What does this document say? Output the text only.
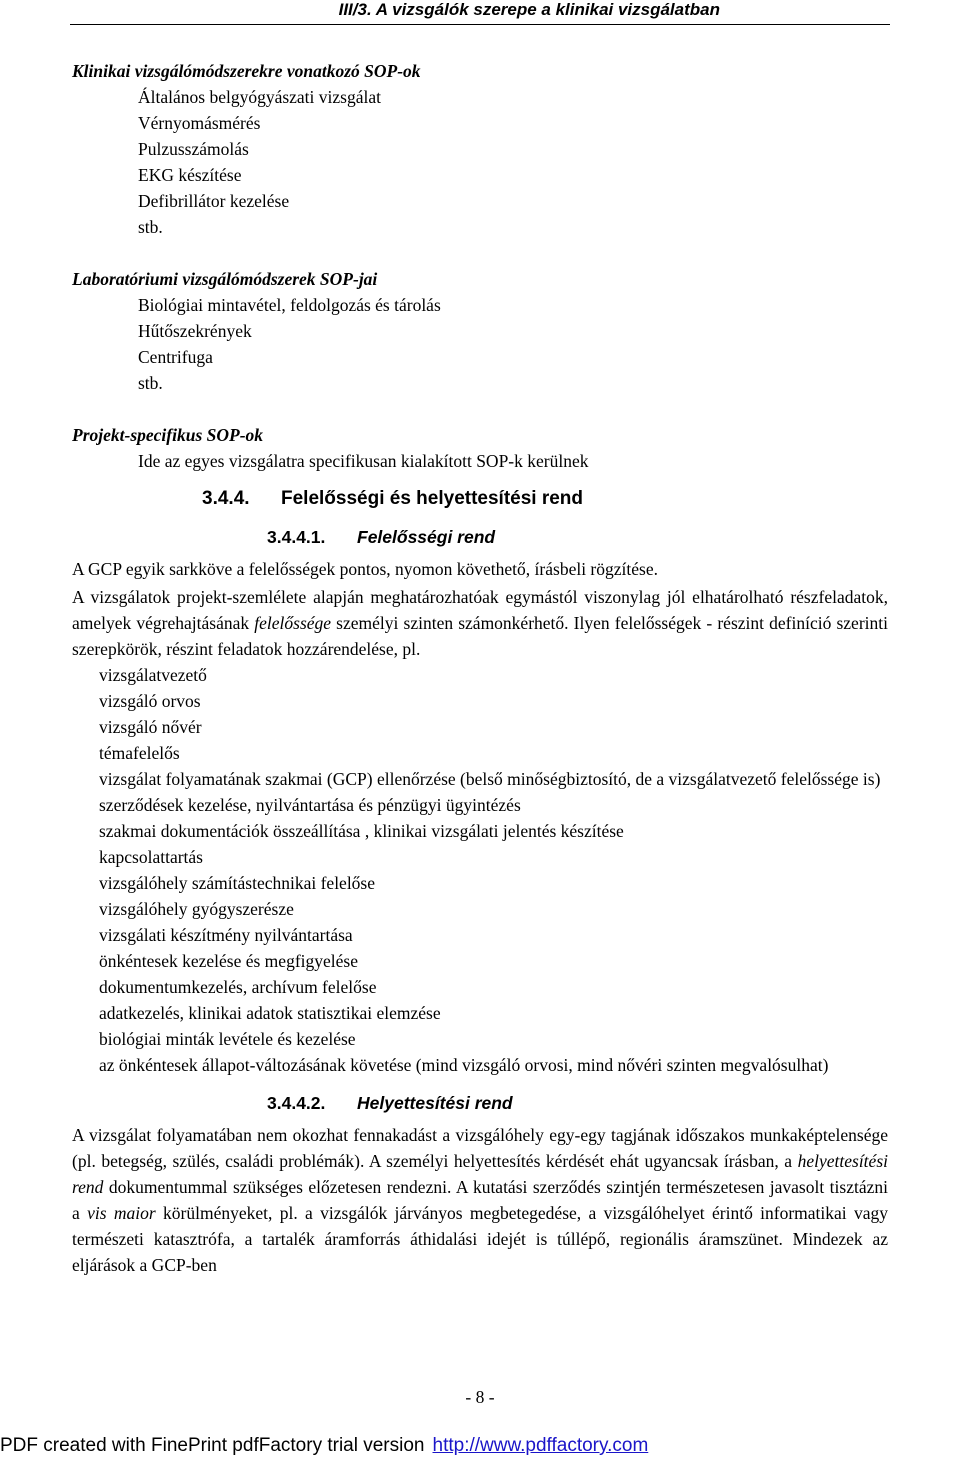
III/3. A vizsgálók szerepe a klinikai vizsgálatban
Klinikai vizsgálómódszerekre vonatkozó SOP-ok
Általános belgyógyászati vizsgálat
Vérnyomásmérés
Pulzusszámolás
EKG készítése
Defibrillátor kezelése
stb.
Laboratóriumi vizsgálómódszerek SOP-jai
Biológiai mintavétel, feldolgozás és tárolás
Hűtőszekrények
Centrifuga
stb.
Projekt-specifikus SOP-ok
Ide az egyes vizsgálatra specifikusan kialakított SOP-k kerülnek
3.4.4. Felelősségi és helyettesítési rend
3.4.4.1. Felelősségi rend

A GCP egyik sarkköve a felelősségek pontos, nyomon követhető, írásbeli rögzítése.

A vizsgálatok projekt-szemlélete alapján meghatározhatóak egymástól viszonylag jól elhatárolható részfeladatok, amelyek végrehajtásának felelőssége személyi szinten számonkérhető. Ilyen felelősségek - részint definíció szerinti szerepkörök, részint feladatok hozzárendelése, pl.

vizsgálatvezető
vizsgáló orvos
vizsgáló nővér
témafelelős
vizsgálat folyamatának szakmai (GCP) ellenőrzése (belső minőségbiztosító, de a vizsgálatvezető felelőssége is)
szerződések kezelése, nyilvántartása és pénzügyi ügyintézés
szakmai dokumentációk összeállítása , klinikai vizsgálati jelentés készítése
kapcsolattartás
vizsgálóhely számítástechnikai felelőse
vizsgálóhely gyógyszerésze
vizsgálati készítmény nyilvántartása
önkéntesek kezelése és megfigyelése
dokumentumkezelés, archívum felelőse
adatkezelés, klinikai adatok statisztikai elemzése
biológiai minták levétele és kezelése
az önkéntesek állapot-változásának követése (mind vizsgáló orvosi, mind nővéri szinten megvalósulhat)
3.4.4.2. Helyettesítési rend

A vizsgálat folyamatában nem okozhat fennakadást a vizsgálóhely egy-egy tagjának időszakos munkaképtelensége (pl. betegség, szülés, családi problémák). A személyi helyettesítés kérdését ehát ugyancsak írásban, a helyettesítési rend dokumentummal szükséges előzetesen rendezni. A kutatási szerződés szintjén természetesen javasolt tisztázni a vis maior körülményeket, pl. a vizsgálók járványos megbetegedése, a vizsgálóhelyet érintő informatikai vagy természeti katasztrófa, a tartalék áramforrás áthidalási idejét is túllépő, regionális áramszünet. Mindezek az eljárások a GCP-ben

- 8 -
PDF created with FinePrint pdfFactory trial version http://www.pdffactory.com
